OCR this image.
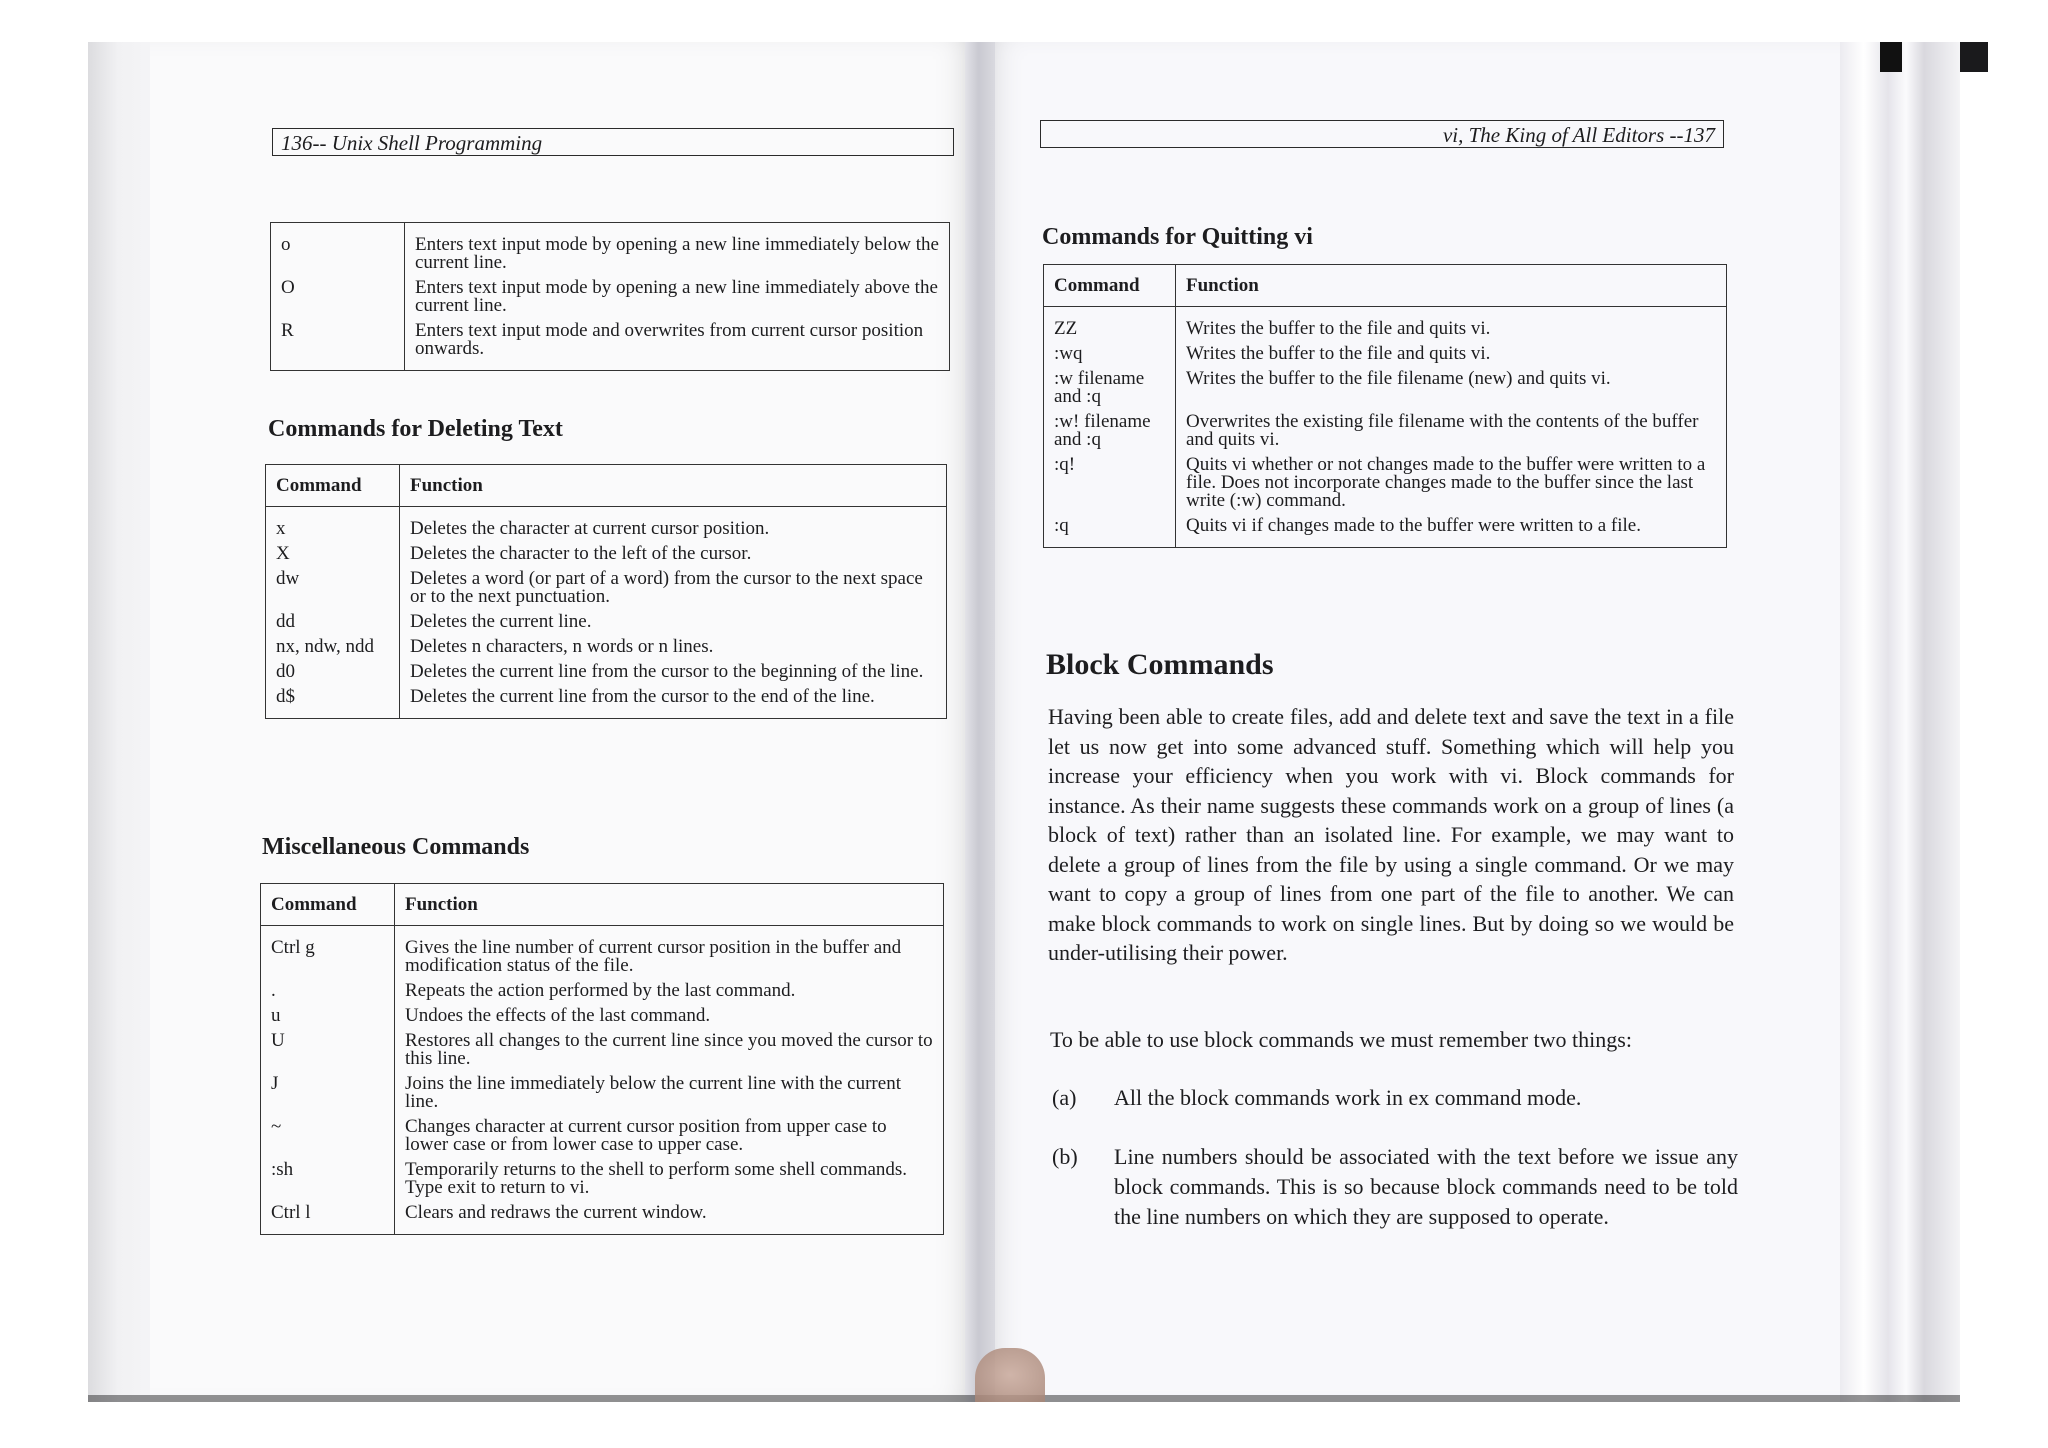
136-- Unix Shell Programming
o	Enters text input mode by opening a new line immediately below the current line.
O	Enters text input mode by opening a new line immediately above the current line.
R	Enters text input mode and overwrites from current cursor position onwards.
Commands for Deleting Text
Command	Function
x	Deletes the character at current cursor position.
X	Deletes the character to the left of the cursor.
dw	Deletes a word (or part of a word) from the cursor to the next space or to the next punctuation.
dd	Deletes the current line.
nx, ndw, ndd	Deletes n characters, n words or n lines.
d0	Deletes the current line from the cursor to the beginning of the line.
d$	Deletes the current line from the cursor to the end of the line.
Miscellaneous Commands
Command	Function
Ctrl g	Gives the line number of current cursor position in the buffer and modification status of the file.
.	Repeats the action performed by the last command.
u	Undoes the effects of the last command.
U	Restores all changes to the current line since you moved the cursor to this line.
J	Joins the line immediately below the current line with the current line.
~	Changes character at current cursor position from upper case to lower case or from lower case to upper case.
:sh	Temporarily returns to the shell to perform some shell commands. Type exit to return to vi.
Ctrl l	Clears and redraws the current window.
vi, The King of All Editors --137
Commands for Quitting vi
Command	Function
ZZ	Writes the buffer to the file and quits vi.
:wq	Writes the buffer to the file and quits vi.
:w filename and :q	Writes the buffer to the file filename (new) and quits vi.
:w! filename and :q	Overwrites the existing file filename with the contents of the buffer and quits vi.
:q!	Quits vi whether or not changes made to the buffer were written to a file. Does not incorporate changes made to the buffer since the last write (:w) command.
:q	Quits vi if changes made to the buffer were written to a file.
Block Commands
Having been able to create files, add and delete text and save the text in a file let us now get into some advanced stuff. Something which will help you increase your efficiency when you work with vi. Block commands for instance. As their name suggests these commands work on a group of lines (a block of text) rather than an isolated line. For example, we may want to delete a group of lines from the file by using a single command. Or we may want to copy a group of lines from one part of the file to another. We can make block commands to work on single lines. But by doing so we would be under-utilising their power.
To be able to use block commands we must remember two things:
(a) All the block commands work in ex command mode.
(b) Line numbers should be associated with the text before we issue any block commands. This is so because block commands need to be told the line numbers on which they are supposed to operate.
